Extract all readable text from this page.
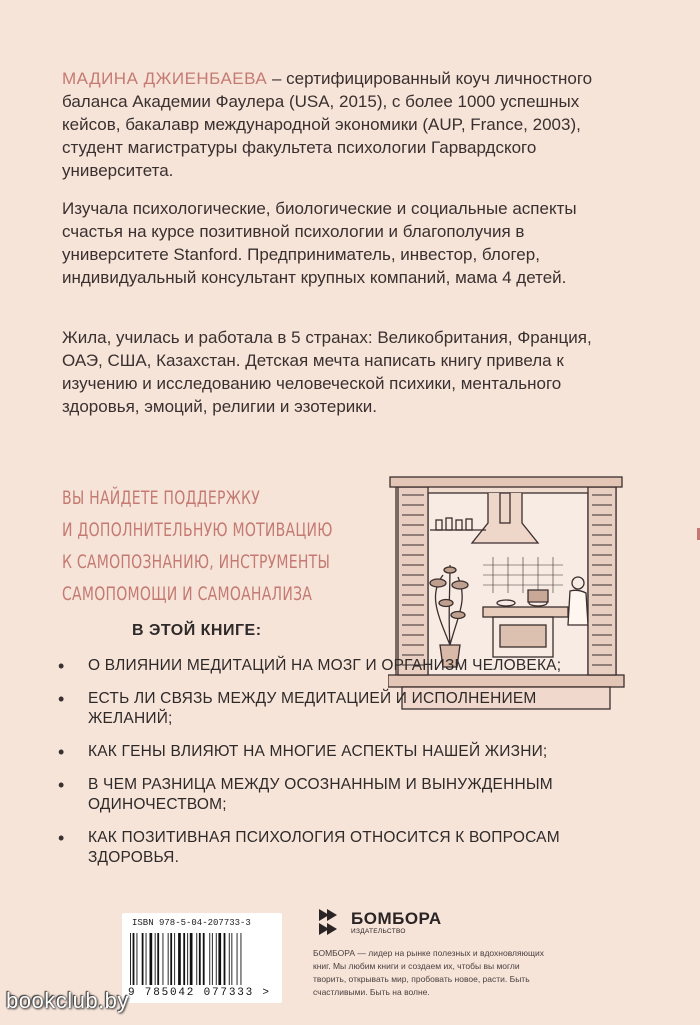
МАДИНА ДЖИЕНБАЕВА – сертифицированный коуч личностного баланса Академии Фаулера (USA, 2015), с более 1000 успешных кейсов, бакалавр международной экономики (AUP, France, 2003), студент магистратуры факультета психологии Гарвардского университета.

Изучала психологические, биологические и социальные аспекты счастья на курсе позитивной психологии и благополучия в университете Stanford. Предприниматель, инвестор, блогер, индивидуальный консультант крупных компаний, мама 4 детей.

Жила, училась и работала в 5 странах: Великобритания, Франция, ОАЭ, США, Казахстан. Детская мечта написать книгу привела к изучению и исследованию человеческой психики, ментального здоровья, эмоций, религии и эзотерики.

ВЫ НАЙДЕТЕ ПОДДЕРЖКУ
И ДОПОЛНИТЕЛЬНУЮ МОТИВАЦИЮ
К САМОПОЗНАНИЮ, ИНСТРУМЕНТЫ
САМОПОМОЩИ И САМОАНАЛИЗА
В ЭТОЙ КНИГЕ:
•	О ВЛИЯНИИ МЕДИТАЦИЙ НА МОЗГ И ОРГАНИЗМ ЧЕЛОВЕКА;
•	ЕСТЬ ЛИ СВЯЗЬ МЕЖДУ МЕДИТАЦИЕЙ И ИСПОЛНЕНИЕМ ЖЕЛАНИЙ;
•	КАК ГЕНЫ ВЛИЯЮТ НА МНОГИЕ АСПЕКТЫ НАШЕЙ ЖИЗНИ;
•	В ЧЕМ РАЗНИЦА МЕЖДУ ОСОЗНАННЫМ И ВЫНУЖДЕННЫМ ОДИНОЧЕСТВОМ;
•	КАК ПОЗИТИВНАЯ ПСИХОЛОГИЯ ОТНОСИТСЯ К ВОПРОСАМ ЗДОРОВЬЯ.
ISBN 978-5-04-207733-3
9 785042 077333 >
БОМБОРА
ИЗДАТЕЛЬСТВО
БОМБОРА — лидер на рынке полезных и вдохновляющих книг. Мы любим книги и создаем их, чтобы вы могли творить, открывать мир, пробовать новое, расти. Быть счастливыми. Быть на волне.
bookclub.by
